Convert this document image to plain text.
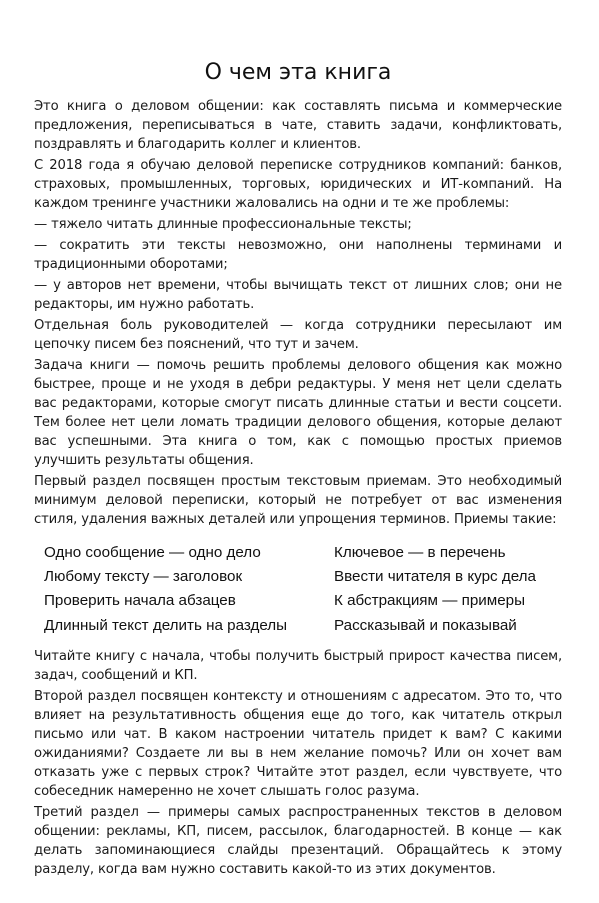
О чем эта книга

Это книга о деловом общении: как составлять письма и коммерческие предложения, переписываться в чате, ставить задачи, конфликтовать, поздравлять и благодарить коллег и клиентов.

С 2018 года я обучаю деловой переписке сотрудников компаний: банков, страховых, промышленных, торговых, юридических и ИТ-компаний. На каждом тренинге участники жаловались на одни и те же проблемы:

— тяжело читать длинные профессиональные тексты;

— сократить эти тексты невозможно, они наполнены терминами и традиционными оборотами;

— у авторов нет времени, чтобы вычищать текст от лишних слов; они не редакторы, им нужно работать.

Отдельная боль руководителей — когда сотрудники пересылают им цепочку писем без пояснений, что тут и зачем.

Задача книги — помочь решить проблемы делового общения как можно быстрее, проще и не уходя в дебри редактуры. У меня нет цели сделать вас редакторами, которые смогут писать длинные статьи и вести соцсети. Тем более нет цели ломать традиции делового общения, которые делают вас успешными. Эта книга о том, как с помощью простых приемов улучшить результаты общения.

Первый раздел посвящен простым текстовым приемам. Это необходимый минимум деловой переписки, который не потребует от вас изменения стиля, удаления важных деталей или упрощения терминов. Приемы такие:

Одно сообщение — одно дело	Ключевое — в перечень
Любому тексту — заголовок	Ввести читателя в курс дела
Проверить начала абзацев	К абстракциям — примеры
Длинный текст делить на разделы	Рассказывай и показывай

Читайте книгу с начала, чтобы получить быстрый прирост качества писем, задач, сообщений и КП.

Второй раздел посвящен контексту и отношениям с адресатом. Это то, что влияет на результативность общения еще до того, как читатель открыл письмо или чат. В каком настроении читатель придет к вам? С какими ожиданиями? Создаете ли вы в нем желание помочь? Или он хочет вам отказать уже с первых строк? Читайте этот раздел, если чувствуете, что собеседник намеренно не хочет слышать голос разума.

Третий раздел — примеры самых распространенных текстов в деловом общении: рекламы, КП, писем, рассылок, благодарностей. В конце — как делать запоминающиеся слайды презентаций. Обращайтесь к этому разделу, когда вам нужно составить какой-то из этих документов.
